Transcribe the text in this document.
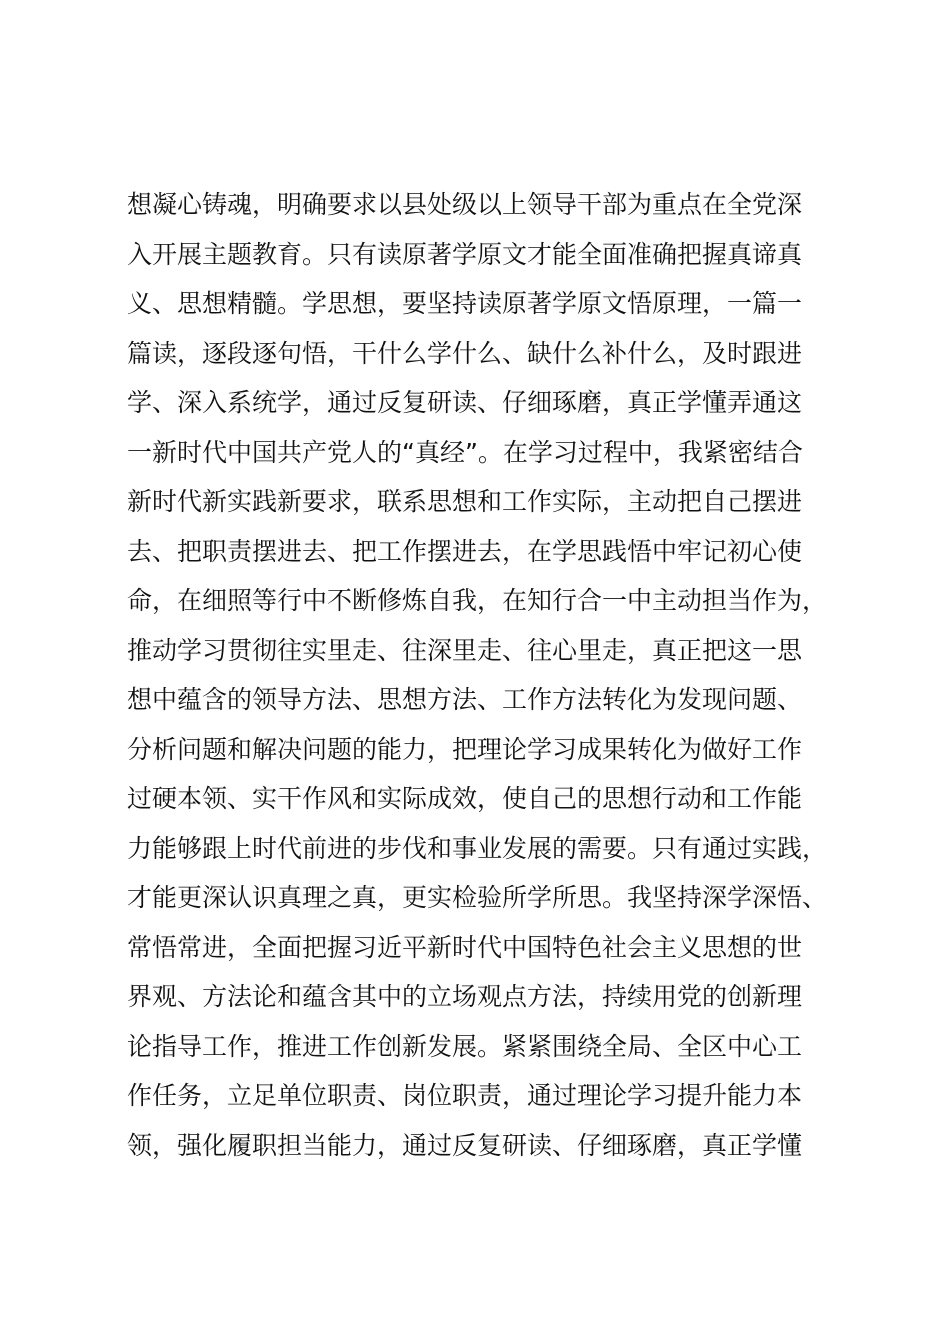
想凝心铸魂，明确要求以县处级以上领导干部为重点在全党深
入开展主题教育。只有读原著学原文才能全面准确把握真谛真
义、思想精髓。学思想，要坚持读原著学原文悟原理，一篇一
篇读，逐段逐句悟，干什么学什么、缺什么补什么，及时跟进
学、深入系统学，通过反复研读、仔细琢磨，真正学懂弄通这
一新时代中国共产党人的“真经”。在学习过程中，我紧密结合
新时代新实践新要求，联系思想和工作实际，主动把自己摆进
去、把职责摆进去、把工作摆进去，在学思践悟中牢记初心使
命，在细照等行中不断修炼自我，在知行合一中主动担当作为，
推动学习贯彻往实里走、往深里走、往心里走，真正把这一思
想中蕴含的领导方法、思想方法、工作方法转化为发现问题、
分析问题和解决问题的能力，把理论学习成果转化为做好工作
过硬本领、实干作风和实际成效，使自己的思想行动和工作能
力能够跟上时代前进的步伐和事业发展的需要。只有通过实践，
才能更深认识真理之真，更实检验所学所思。我坚持深学深悟、
常悟常进，全面把握习近平新时代中国特色社会主义思想的世
界观、方法论和蕴含其中的立场观点方法，持续用党的创新理
论指导工作，推进工作创新发展。紧紧围绕全局、全区中心工
作任务，立足单位职责、岗位职责，通过理论学习提升能力本
领，强化履职担当能力，通过反复研读、仔细琢磨，真正学懂
